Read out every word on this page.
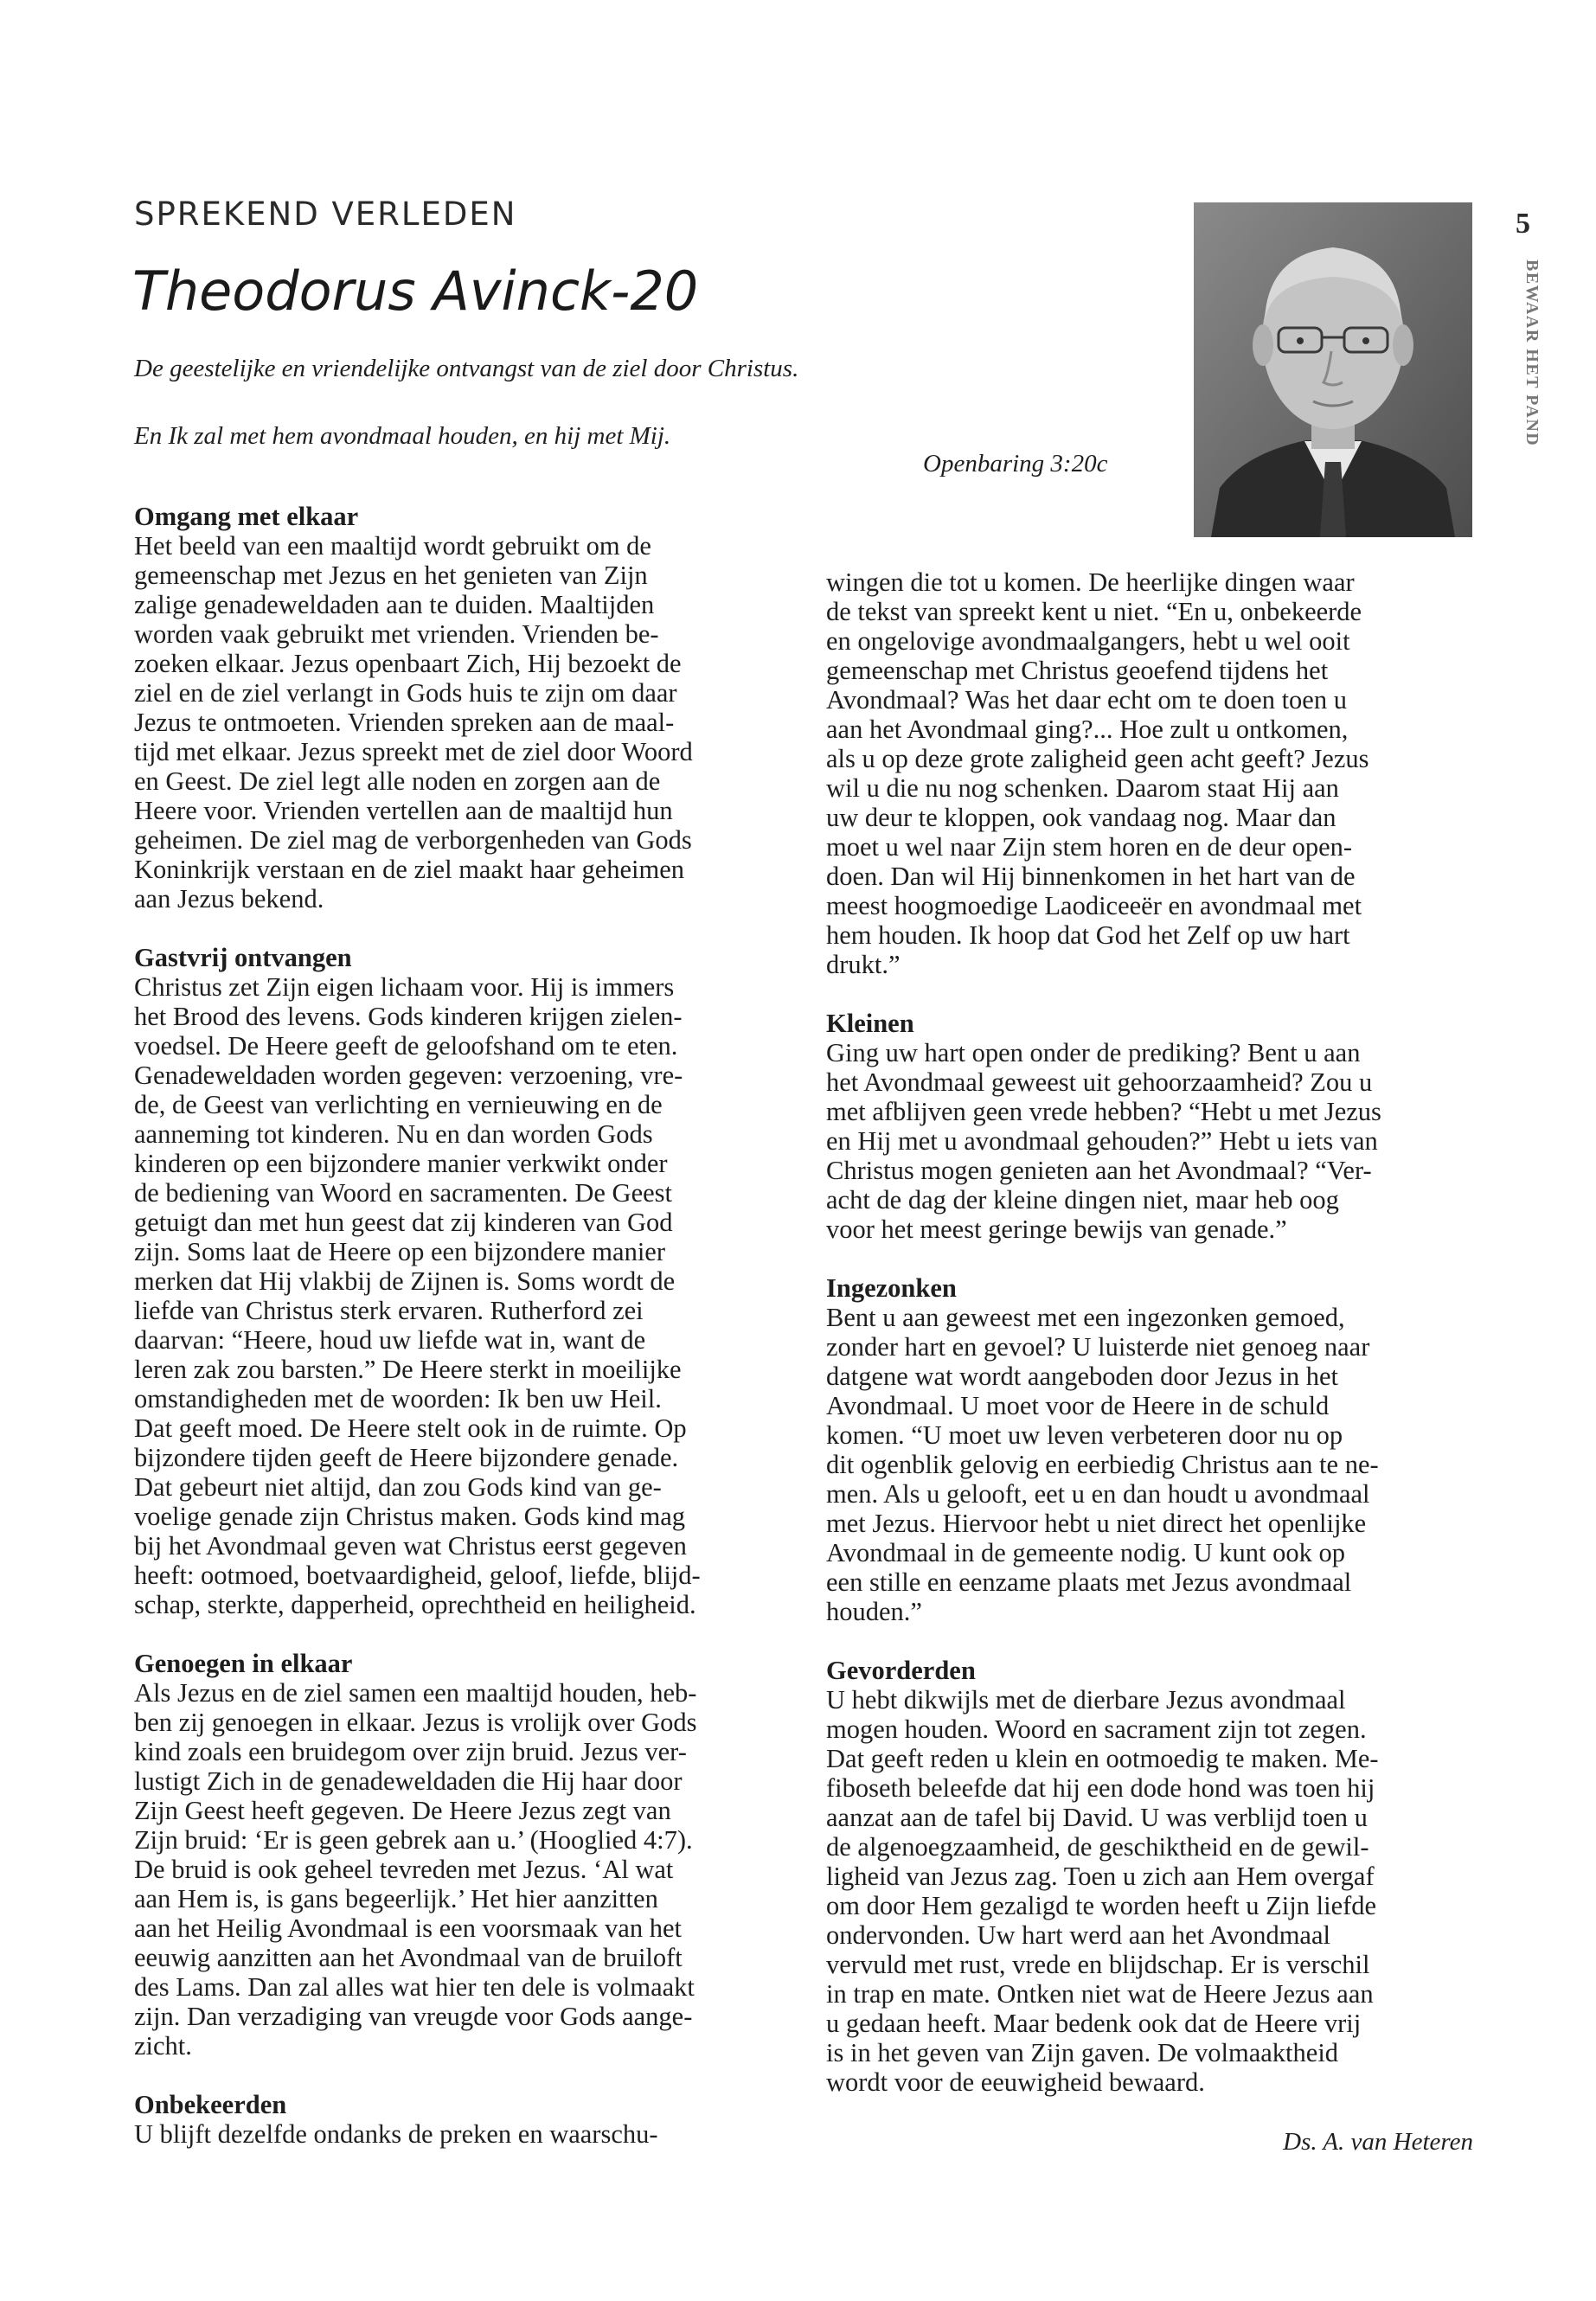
SPREKEND VERLEDEN
Theodorus Avinck-20

De geestelijke en vriendelijke ontvangst van de ziel door Christus.

En Ik zal met hem avondmaal houden, en hij met Mij.

Openbaring 3:20c

5
BEWAAR HET PAND
Omgang met elkaar

Het beeld van een maaltijd wordt gebruikt om de
gemeenschap met Jezus en het genieten van Zijn
zalige genadeweldaden aan te duiden. Maaltijden
worden vaak gebruikt met vrienden. Vrienden be-
zoeken elkaar. Jezus openbaart Zich, Hij bezoekt de
ziel en de ziel verlangt in Gods huis te zijn om daar
Jezus te ontmoeten. Vrienden spreken aan de maal-
tijd met elkaar. Jezus spreekt met de ziel door Woord
en Geest. De ziel legt alle noden en zorgen aan de
Heere voor. Vrienden vertellen aan de maaltijd hun
geheimen. De ziel mag de verborgenheden van Gods
Koninkrijk verstaan en de ziel maakt haar geheimen
aan Jezus bekend.

Gastvrij ontvangen

Christus zet Zijn eigen lichaam voor. Hij is immers
het Brood des levens. Gods kinderen krijgen zielen-
voedsel. De Heere geeft de geloofshand om te eten.
Genadeweldaden worden gegeven: verzoening, vre-
de, de Geest van verlichting en vernieuwing en de
aanneming tot kinderen. Nu en dan worden Gods
kinderen op een bijzondere manier verkwikt onder
de bediening van Woord en sacramenten. De Geest
getuigt dan met hun geest dat zij kinderen van God
zijn. Soms laat de Heere op een bijzondere manier
merken dat Hij vlakbij de Zijnen is. Soms wordt de
liefde van Christus sterk ervaren. Rutherford zei
daarvan: “Heere, houd uw liefde wat in, want de
leren zak zou barsten.” De Heere sterkt in moeilijke
omstandigheden met de woorden: Ik ben uw Heil.
Dat geeft moed. De Heere stelt ook in de ruimte. Op
bijzondere tijden geeft de Heere bijzondere genade.
Dat gebeurt niet altijd, dan zou Gods kind van ge-
voelige genade zijn Christus maken. Gods kind mag
bij het Avondmaal geven wat Christus eerst gegeven
heeft: ootmoed, boetvaardigheid, geloof, liefde, blijd-
schap, sterkte, dapperheid, oprechtheid en heiligheid.

Genoegen in elkaar

Als Jezus en de ziel samen een maaltijd houden, heb-
ben zij genoegen in elkaar. Jezus is vrolijk over Gods
kind zoals een bruidegom over zijn bruid. Jezus ver-
lustigt Zich in de genadeweldaden die Hij haar door
Zijn Geest heeft gegeven. De Heere Jezus zegt van
Zijn bruid: ‘Er is geen gebrek aan u.’ (Hooglied 4:7).
De bruid is ook geheel tevreden met Jezus. ‘Al wat
aan Hem is, is gans begeerlijk.’ Het hier aanzitten
aan het Heilig Avondmaal is een voorsmaak van het
eeuwig aanzitten aan het Avondmaal van de bruiloft
des Lams. Dan zal alles wat hier ten dele is volmaakt
zijn. Dan verzadiging van vreugde voor Gods aange-
zicht.

Onbekeerden

U blijft dezelfde ondanks de preken en waarschu-

wingen die tot u komen. De heerlijke dingen waar
de tekst van spreekt kent u niet. “En u, onbekeerde
en ongelovige avondmaalgangers, hebt u wel ooit
gemeenschap met Christus geoefend tijdens het
Avondmaal? Was het daar echt om te doen toen u
aan het Avondmaal ging?... Hoe zult u ontkomen,
als u op deze grote zaligheid geen acht geeft? Jezus
wil u die nu nog schenken. Daarom staat Hij aan
uw deur te kloppen, ook vandaag nog. Maar dan
moet u wel naar Zijn stem horen en de deur open-
doen. Dan wil Hij binnenkomen in het hart van de
meest hoogmoedige Laodiceeër en avondmaal met
hem houden. Ik hoop dat God het Zelf op uw hart
drukt.”

Kleinen

Ging uw hart open onder de prediking? Bent u aan
het Avondmaal geweest uit gehoorzaamheid? Zou u
met afblijven geen vrede hebben? “Hebt u met Jezus
en Hij met u avondmaal gehouden?” Hebt u iets van
Christus mogen genieten aan het Avondmaal? “Ver-
acht de dag der kleine dingen niet, maar heb oog
voor het meest geringe bewijs van genade.”

Ingezonken

Bent u aan geweest met een ingezonken gemoed,
zonder hart en gevoel? U luisterde niet genoeg naar
datgene wat wordt aangeboden door Jezus in het
Avondmaal. U moet voor de Heere in de schuld
komen. “U moet uw leven verbeteren door nu op
dit ogenblik gelovig en eerbiedig Christus aan te ne-
men. Als u gelooft, eet u en dan houdt u avondmaal
met Jezus. Hiervoor hebt u niet direct het openlijke
Avondmaal in de gemeente nodig. U kunt ook op
een stille en eenzame plaats met Jezus avondmaal
houden.”

Gevorderden

U hebt dikwijls met de dierbare Jezus avondmaal
mogen houden. Woord en sacrament zijn tot zegen.
Dat geeft reden u klein en ootmoedig te maken. Me-
fiboseth beleefde dat hij een dode hond was toen hij
aanzat aan de tafel bij David. U was verblijd toen u
de algenoegzaamheid, de geschiktheid en de gewil-
ligheid van Jezus zag. Toen u zich aan Hem overgaf
om door Hem gezaligd te worden heeft u Zijn liefde
ondervonden. Uw hart werd aan het Avondmaal
vervuld met rust, vrede en blijdschap. Er is verschil
in trap en mate. Ontken niet wat de Heere Jezus aan
u gedaan heeft. Maar bedenk ook dat de Heere vrij
is in het geven van Zijn gaven. De volmaaktheid
wordt voor de eeuwigheid bewaard.

Ds. A. van Heteren
